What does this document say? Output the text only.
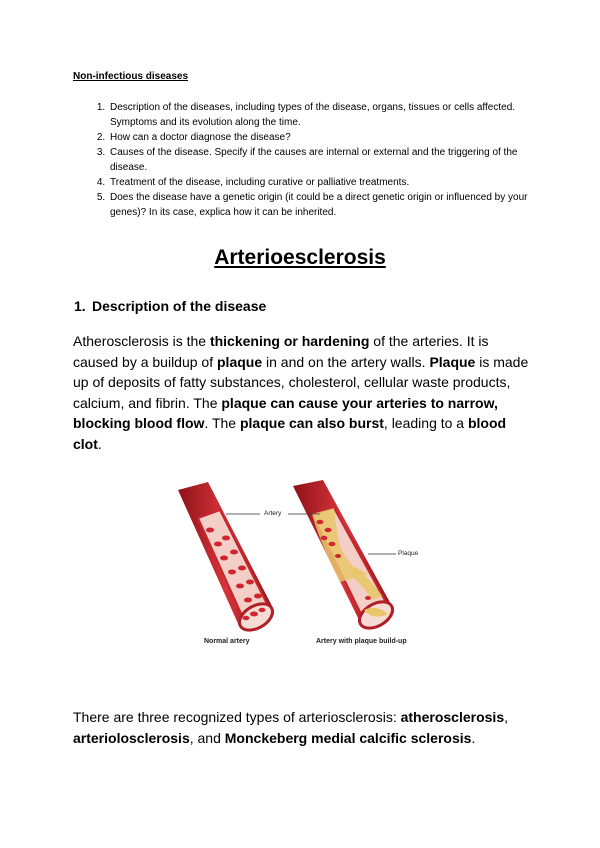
Non-infectious diseases

1. Description of the diseases, including types of the disease, organs, tissues or cells affected. Symptoms and its evolution along the time.
2. How can a doctor diagnose the disease?
3. Causes of the disease. Specify if the causes are internal or external and the triggering of the disease.
4. Treatment of the disease, including curative or palliative treatments.
5. Does the disease have a genetic origin (it could be a direct genetic origin or influenced by your genes)? In its case, explica how it can be inherited.
Arterioesclerosis
1. Description of the disease

Atherosclerosis is the thickening or hardening of the arteries. It is caused by a buildup of plaque in and on the artery walls. Plaque is made up of deposits of fatty substances, cholesterol, cellular waste products, calcium, and fibrin. The plaque can cause your arteries to narrow, blocking blood flow. The plaque can also burst, leading to a blood clot.

Artery
Plaque
Normal artery	Artery with plaque build-up

There are three recognized types of arteriosclerosis: atherosclerosis, arteriolosclerosis, and Monckeberg medial calcific sclerosis.
